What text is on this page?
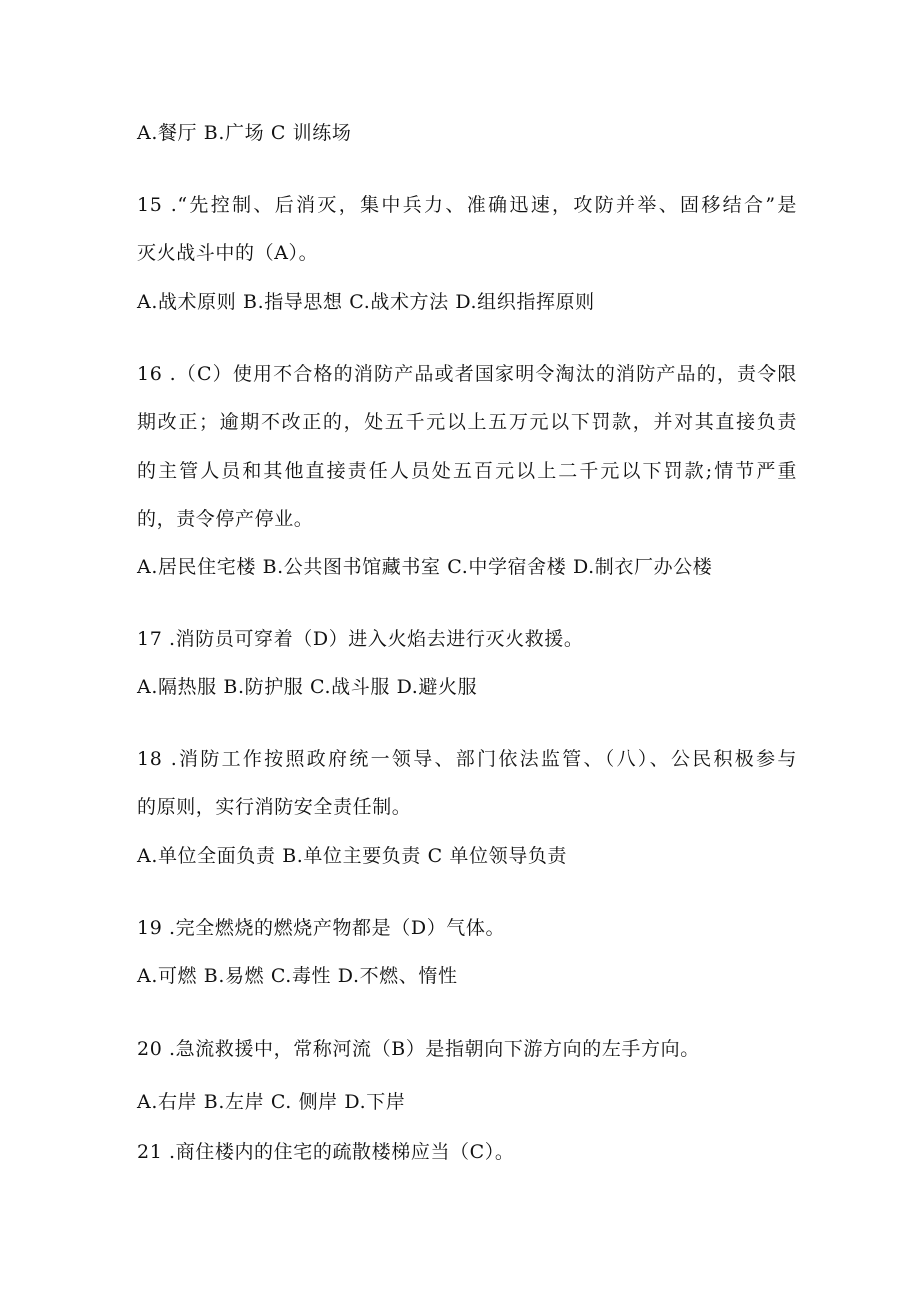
A.餐厅 B.广场 C 训练场
15 .“先控制、后消灭，集中兵力、准确迅速，攻防并举、固移结合”是
灭火战斗中的（A）。
A.战术原则 B.指导思想 C.战术方法 D.组织指挥原则
16 .（C）使用不合格的消防产品或者国家明令淘汰的消防产品的，责令限
期改正；逾期不改正的，处五千元以上五万元以下罚款，并对其直接负责
的主管人员和其他直接责任人员处五百元以上二千元以下罚款;情节严重
的，责令停产停业。
A.居民住宅楼 B.公共图书馆藏书室 C.中学宿舍楼 D.制衣厂办公楼
17 .消防员可穿着（D）进入火焰去进行灭火救援。
A.隔热服 B.防护服 C.战斗服 D.避火服
18 .消防工作按照政府统一领导、部门依法监管、（八）、公民积极参与
的原则，实行消防安全责任制。
A.单位全面负责 B.单位主要负责 C 单位领导负责
19 .完全燃烧的燃烧产物都是（D）气体。
A.可燃 B.易燃 C.毒性 D.不燃、惰性
20 .急流救援中，常称河流（B）是指朝向下游方向的左手方向。
A.右岸 B.左岸 C. 侧岸 D.下岸
21 .商住楼内的住宅的疏散楼梯应当（C）。
